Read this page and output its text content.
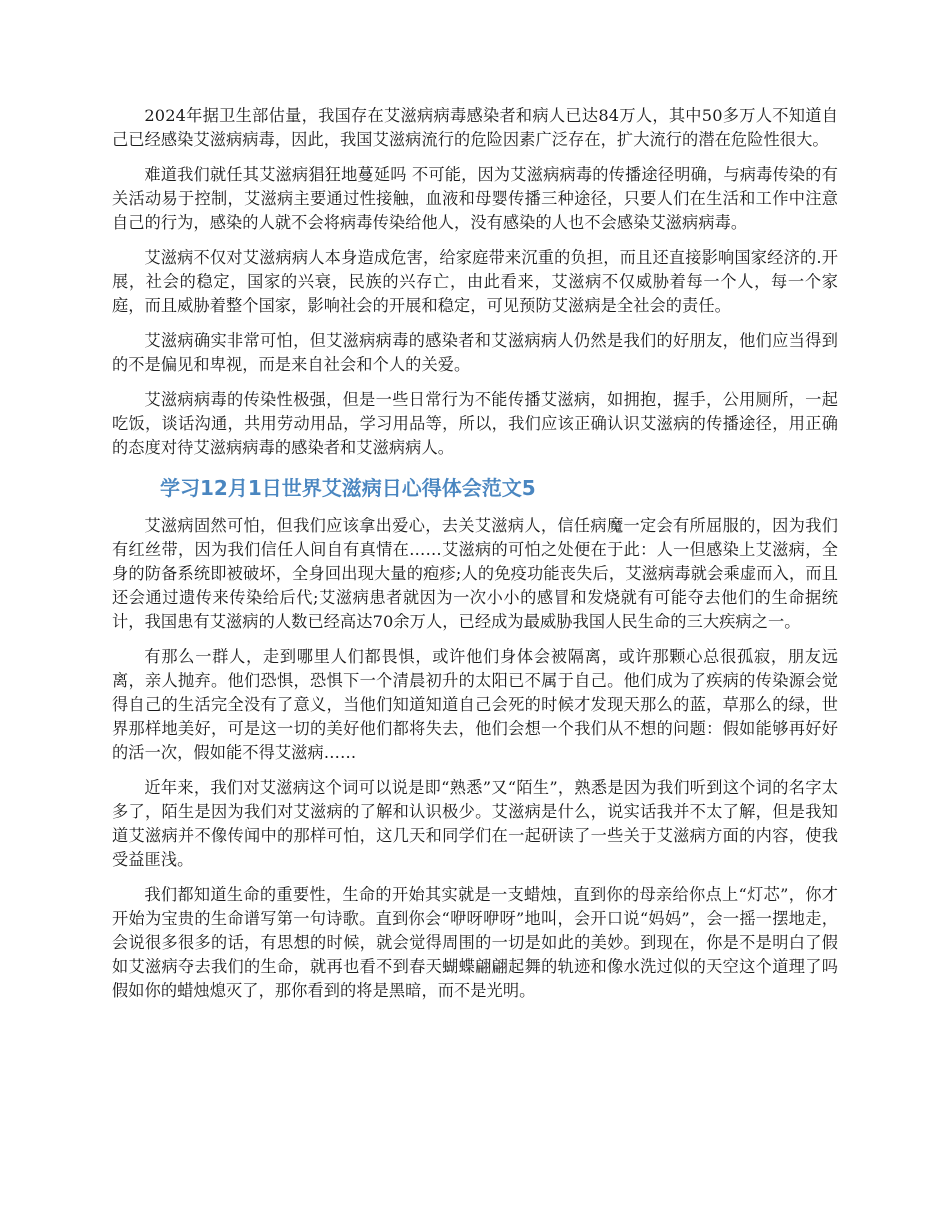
2024年据卫生部估量，我国存在艾滋病病毒感染者和病人已达84万人，其中50多万人不知道自己已经感染艾滋病病毒，因此，我国艾滋病流行的危险因素广泛存在，扩大流行的潜在危险性很大。

难道我们就任其艾滋病猖狂地蔓延吗 不可能，因为艾滋病病毒的传播途径明确，与病毒传染的有关活动易于控制，艾滋病主要通过性接触，血液和母婴传播三种途径，只要人们在生活和工作中注意自己的行为，感染的人就不会将病毒传染给他人，没有感染的人也不会感染艾滋病病毒。

艾滋病不仅对艾滋病病人本身造成危害，给家庭带来沉重的负担，而且还直接影响国家经济的.开展，社会的稳定，国家的兴衰，民族的兴存亡，由此看来，艾滋病不仅威胁着每一个人，每一个家庭，而且威胁着整个国家，影响社会的开展和稳定，可见预防艾滋病是全社会的责任。

艾滋病确实非常可怕，但艾滋病病毒的感染者和艾滋病病人仍然是我们的好朋友，他们应当得到的不是偏见和卑视，而是来自社会和个人的关爱。

艾滋病病毒的传染性极强，但是一些日常行为不能传播艾滋病，如拥抱，握手，公用厕所，一起吃饭，谈话沟通，共用劳动用品，学习用品等，所以，我们应该正确认识艾滋病的传播途径，用正确的态度对待艾滋病病毒的感染者和艾滋病病人。

学习12月1日世界艾滋病日心得体会范文5

艾滋病固然可怕，但我们应该拿出爱心，去关艾滋病人，信任病魔一定会有所屈服的，因为我们有红丝带，因为我们信任人间自有真情在……艾滋病的可怕之处便在于此：人一但感染上艾滋病，全身的防备系统即被破坏，全身回出现大量的疱疹;人的免疫功能丧失后，艾滋病毒就会乘虚而入，而且还会通过遗传来传染给后代;艾滋病患者就因为一次小小的感冒和发烧就有可能夺去他们的生命据统计，我国患有艾滋病的人数已经高达70余万人，已经成为最威胁我国人民生命的三大疾病之一。

有那么一群人，走到哪里人们都畏惧，或许他们身体会被隔离，或许那颗心总很孤寂，朋友远离，亲人抛弃。他们恐惧，恐惧下一个清晨初升的太阳已不属于自己。他们成为了疾病的传染源会觉得自己的生活完全没有了意义，当他们知道知道自己会死的时候才发现天那么的蓝，草那么的绿，世界那样地美好，可是这一切的美好他们都将失去，他们会想一个我们从不想的问题：假如能够再好好的活一次，假如能不得艾滋病……

近年来，我们对艾滋病这个词可以说是即“熟悉”又“陌生”，熟悉是因为我们听到这个词的名字太多了，陌生是因为我们对艾滋病的了解和认识极少。艾滋病是什么，说实话我并不太了解，但是我知道艾滋病并不像传闻中的那样可怕，这几天和同学们在一起研读了一些关于艾滋病方面的内容，使我受益匪浅。

我们都知道生命的重要性，生命的开始其实就是一支蜡烛，直到你的母亲给你点上“灯芯”，你才开始为宝贵的生命谱写第一句诗歌。直到你会“咿呀咿呀”地叫，会开口说“妈妈”，会一摇一摆地走，会说很多很多的话，有思想的时候，就会觉得周围的一切是如此的美妙。到现在，你是不是明白了假如艾滋病夺去我们的生命，就再也看不到春天蝴蝶翩翩起舞的轨迹和像水洗过似的天空这个道理了吗 假如你的蜡烛熄灭了，那你看到的将是黑暗，而不是光明。
